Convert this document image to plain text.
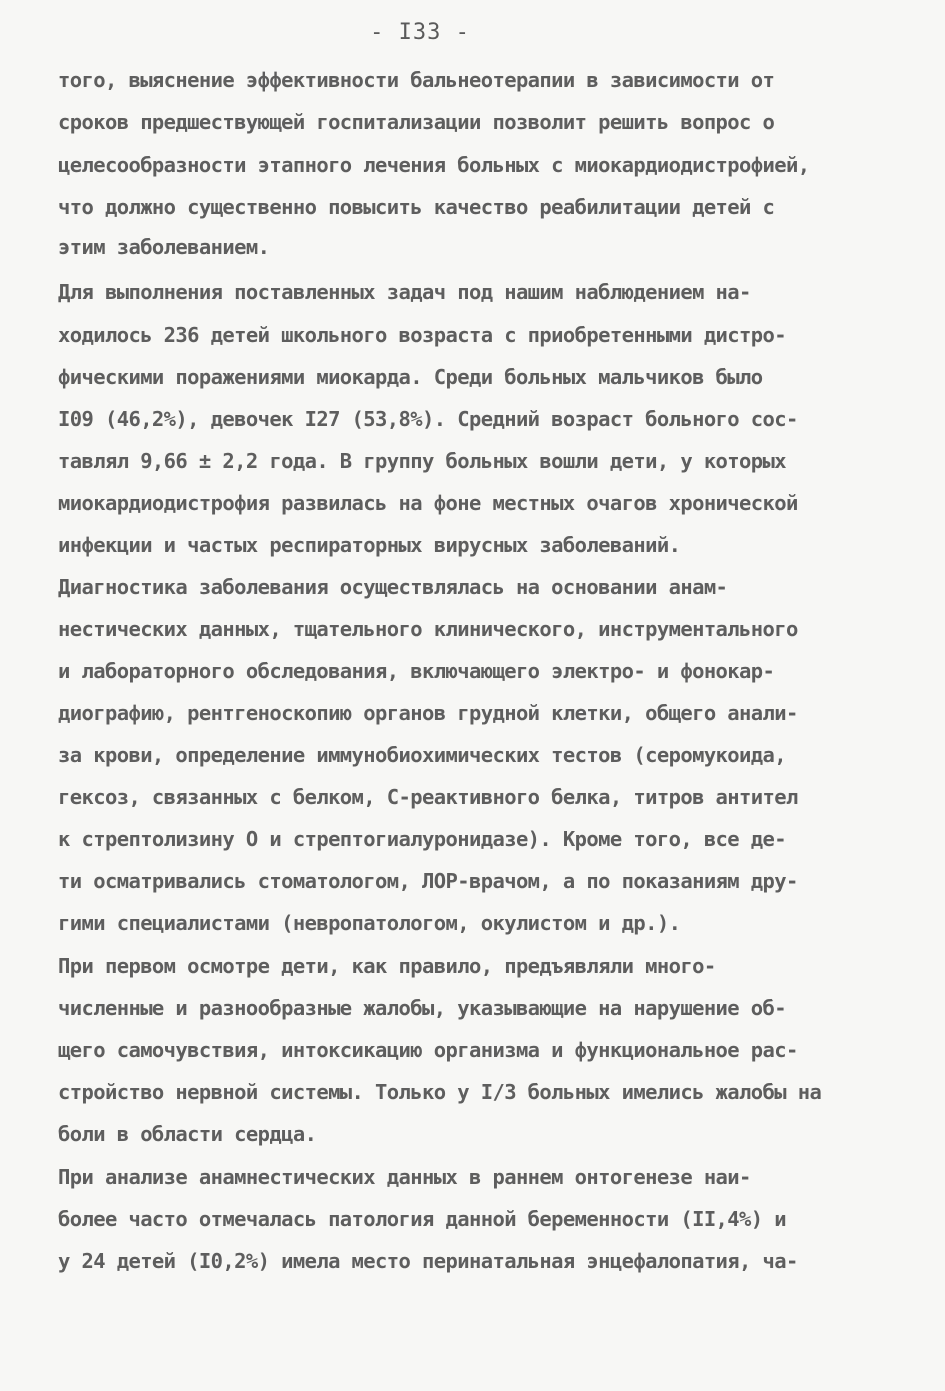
- I33 -
того, выяснение эффективности бальнеотерапии в зависимости от
сроков предшествующей госпитализации позволит решить вопрос о
целесообразности этапного лечения больных с миокардиодистрофией,
что должно существенно повысить качество реабилитации детей с
этим заболеванием.
Для выполнения поставленных задач под нашим наблюдением на-
ходилось 236 детей школьного возраста с приобретенными дистро-
фическими поражениями миокарда. Среди больных мальчиков было
I09 (46,2%), девочек I27 (53,8%). Средний возраст больного сос-
тавлял 9,66 ± 2,2 года. В группу больных вошли дети, у которых
миокардиодистрофия развилась на фоне местных очагов хронической
инфекции и частых респираторных вирусных заболеваний.
Диагностика заболевания осуществлялась на основании анам-
нестических данных, тщательного клинического, инструментального
и лабораторного обследования, включающего электро- и фонокар-
диографию, рентгеноскопию органов грудной клетки, общего анали-
за крови, определение иммунобиохимических тестов (серомукоида,
гексоз, связанных с белком, С-реактивного белка, титров антител
к стрептолизину О и стрептогиалуронидазе). Кроме того, все де-
ти осматривались стоматологом, ЛОР-врачом, а по показаниям дру-
гими специалистами (невропатологом, окулистом и др.).
При первом осмотре дети, как правило, предъявляли много-
численные и разнообразные жалобы, указывающие на нарушение об-
щего самочувствия, интоксикацию организма и функциональное рас-
стройство нервной системы. Только у I/3 больных имелись жалобы на
боли в области сердца.
При анализе анамнестических данных в раннем онтогенезе наи-
более часто отмечалась патология данной беременности (II,4%) и
у 24 детей (I0,2%) имела место перинатальная энцефалопатия, ча-
